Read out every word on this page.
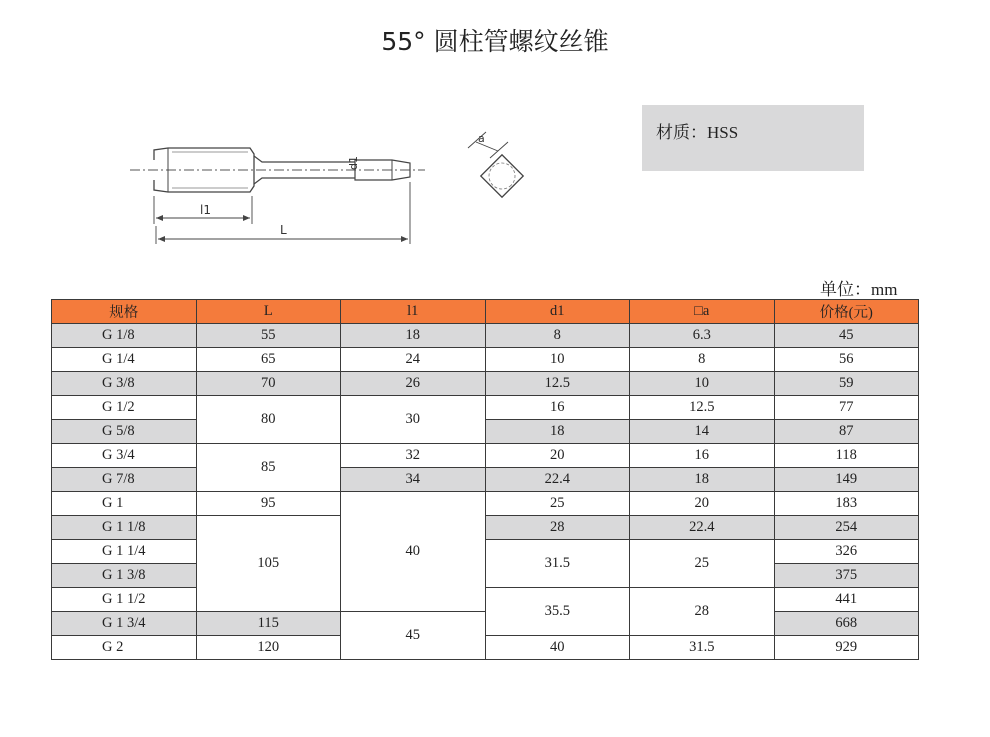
55° 圆柱管螺纹丝锥
d1
l1
L
a	材质：HSS
单位：mm
规格	L	l1	d1	□a	价格(元)
G 1/8	55	18	8	6.3	45
G 1/4	65	24	10	8	56
G 3/8	70	26	12.5	10	59
G 1/2	80	30	16	12.5	77
G 5/8			18	14	87
G 3/4	85	32	20	16	118
G 7/8		34	22.4	18	149
G 1	95	40	25	20	183
G 1 1/8	105		28	22.4	254
G 1 1/4			31.5	25	326
G 1 3/8					375
G 1 1/2			35.5	28	441
G 1 3/4	115	45			668
G 2	120		40	31.5	929
